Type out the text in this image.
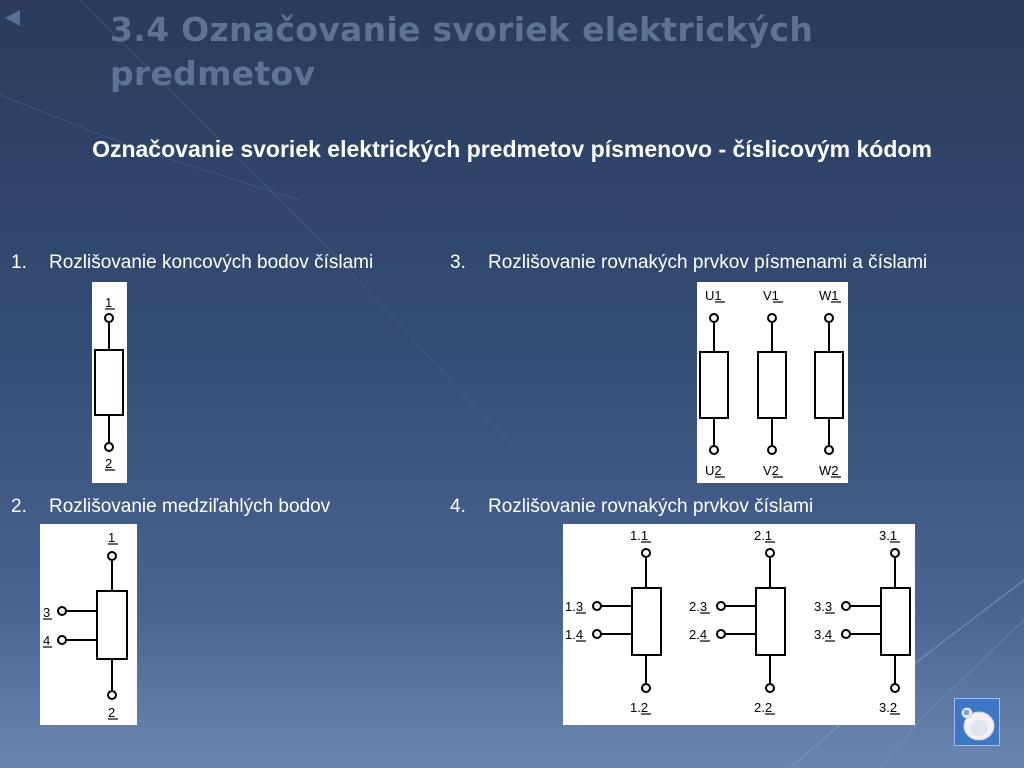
3.4 Označovanie svoriek elektrických predmetov
Označovanie svoriek elektrických predmetov písmenovo - číslicovým kódom
1. Rozlišovanie koncových bodov číslami
2. Rozlišovanie medziľahlých bodov
3. Rozlišovanie rovnakých prvkov písmenami a číslami
4. Rozlišovanie rovnakých prvkov číslami
1
2
1
3
4
2
U1
U2
V1
V2
W1
W2
1.1
1.3
1.4
1.2
2.1
2.3
2.4
2.2
3.1
3.3
3.4
3.2
